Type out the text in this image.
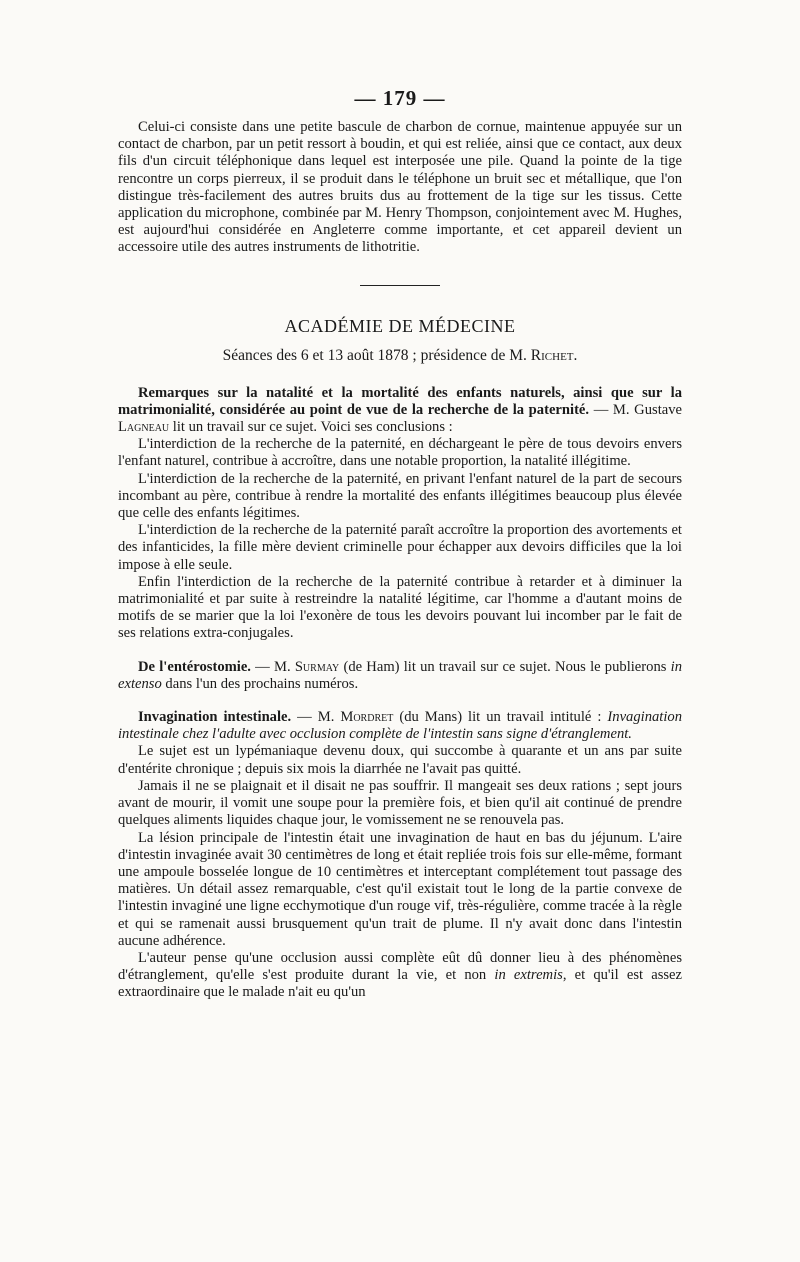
— 179 —

Celui-ci consiste dans une petite bascule de charbon de cornue, maintenue appuyée sur un contact de charbon, par un petit ressort à boudin, et qui est reliée, ainsi que ce contact, aux deux fils d'un circuit téléphonique dans lequel est interposée une pile. Quand la pointe de la tige rencontre un corps pierreux, il se produit dans le téléphone un bruit sec et métallique, que l'on distingue très-facilement des autres bruits dus au frottement de la tige sur les tissus. Cette application du microphone, combinée par M. Henry Thompson, conjointement avec M. Hughes, est aujourd'hui considérée en Angleterre comme importante, et cet appareil devient un accessoire utile des autres instruments de lithotritie.

ACADÉMIE DE MÉDECINE
Séances des 6 et 13 août 1878 ; présidence de M. Richet.

Remarques sur la natalité et la mortalité des enfants naturels, ainsi que sur la matrimonialité, considérée au point de vue de la recherche de la paternité. — M. Gustave Lagneau lit un travail sur ce sujet. Voici ses conclusions :

L'interdiction de la recherche de la paternité, en déchargeant le père de tous devoirs envers l'enfant naturel, contribue à accroître, dans une notable proportion, la natalité illégitime.

L'interdiction de la recherche de la paternité, en privant l'enfant naturel de la part de secours incombant au père, contribue à rendre la mortalité des enfants illégitimes beaucoup plus élevée que celle des enfants légitimes.

L'interdiction de la recherche de la paternité paraît accroître la proportion des avortements et des infanticides, la fille mère devient criminelle pour échapper aux devoirs difficiles que la loi impose à elle seule.

Enfin l'interdiction de la recherche de la paternité contribue à retarder et à diminuer la matrimonialité et par suite à restreindre la natalité légitime, car l'homme a d'autant moins de motifs de se marier que la loi l'exonère de tous les devoirs pouvant lui incomber par le fait de ses relations extra-conjugales.

De l'entérostomie. — M. Surmay (de Ham) lit un travail sur ce sujet. Nous le publierons in extenso dans l'un des prochains numéros.

Invagination intestinale. — M. Mordret (du Mans) lit un travail intitulé : Invagination intestinale chez l'adulte avec occlusion complète de l'intestin sans signe d'étranglement.

Le sujet est un lypémaniaque devenu doux, qui succombe à quarante et un ans par suite d'entérite chronique ; depuis six mois la diarrhée ne l'avait pas quitté.

Jamais il ne se plaignait et il disait ne pas souffrir. Il mangeait ses deux rations ; sept jours avant de mourir, il vomit une soupe pour la première fois, et bien qu'il ait continué de prendre quelques aliments liquides chaque jour, le vomissement ne se renouvela pas.

La lésion principale de l'intestin était une invagination de haut en bas du jéjunum. L'aire d'intestin invaginée avait 30 centimètres de long et était repliée trois fois sur elle-même, formant une ampoule bosselée longue de 10 centimètres et interceptant complétement tout passage des matières. Un détail assez remarquable, c'est qu'il existait tout le long de la partie convexe de l'intestin invaginé une ligne ecchymotique d'un rouge vif, très-régulière, comme tracée à la règle et qui se ramenait aussi brusquement qu'un trait de plume. Il n'y avait donc dans l'intestin aucune adhérence.

L'auteur pense qu'une occlusion aussi complète eût dû donner lieu à des phénomènes d'étranglement, qu'elle s'est produite durant la vie, et non in extremis, et qu'il est assez extraordinaire que le malade n'ait eu qu'un
